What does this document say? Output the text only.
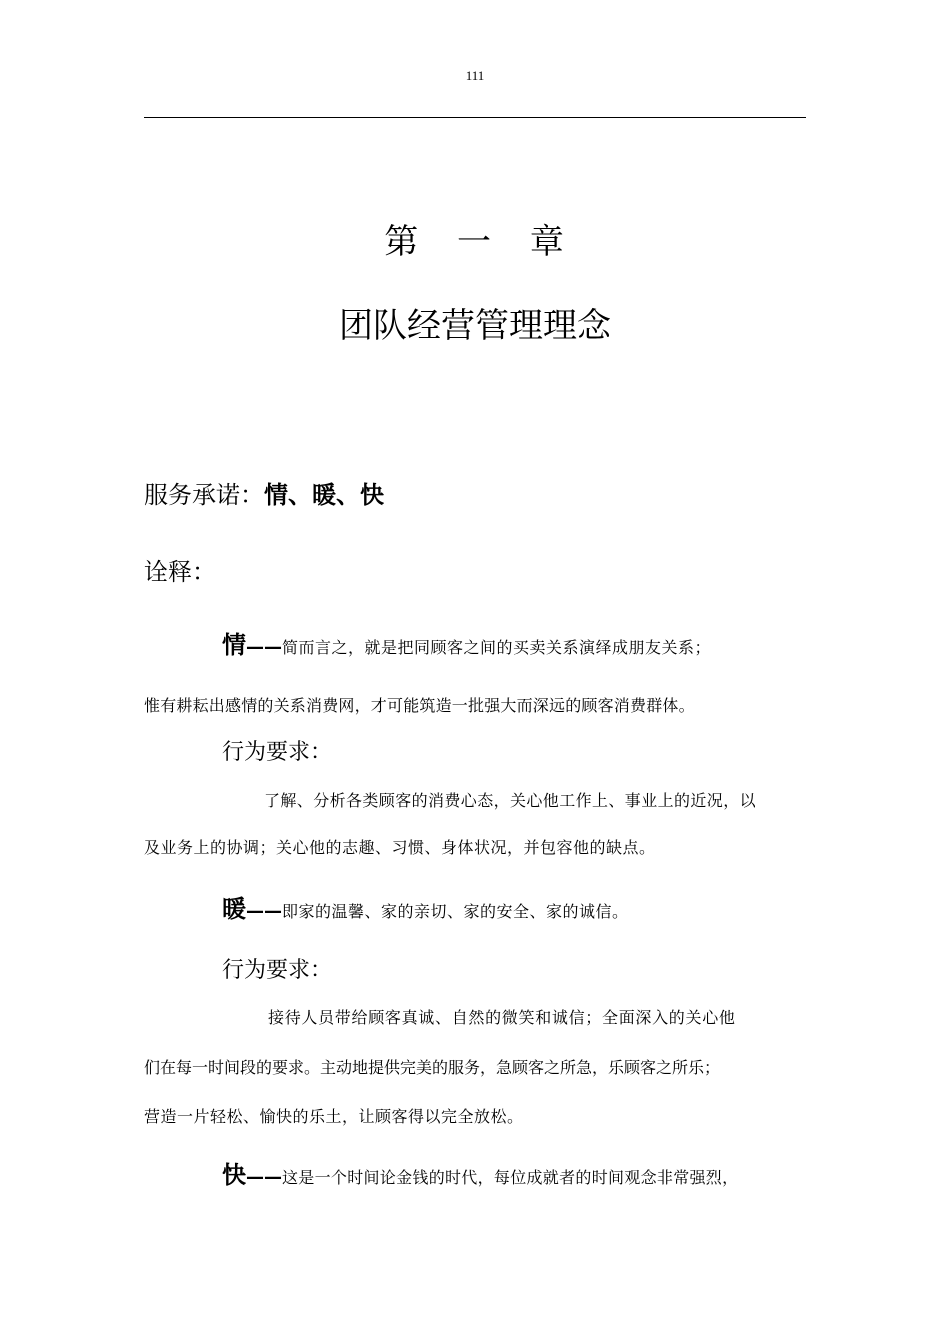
111
第 一 章
团队经营管理理念
服务承诺：情、暖、快
诠释：
情——简而言之，就是把同顾客之间的买卖关系演绎成朋友关系；
惟有耕耘出感情的关系消费网，才可能筑造一批强大而深远的顾客消费群体。
行为要求：
了解、分析各类顾客的消费心态，关心他工作上、事业上的近况，以
及业务上的协调；关心他的志趣、习惯、身体状况，并包容他的缺点。
暖——即家的温馨、家的亲切、家的安全、家的诚信。
行为要求：
接待人员带给顾客真诚、自然的微笑和诚信；全面深入的关心他
们在每一时间段的要求。主动地提供完美的服务，急顾客之所急，乐顾客之所乐；
营造一片轻松、愉快的乐土，让顾客得以完全放松。
快——这是一个时间论金钱的时代，每位成就者的时间观念非常强烈，
